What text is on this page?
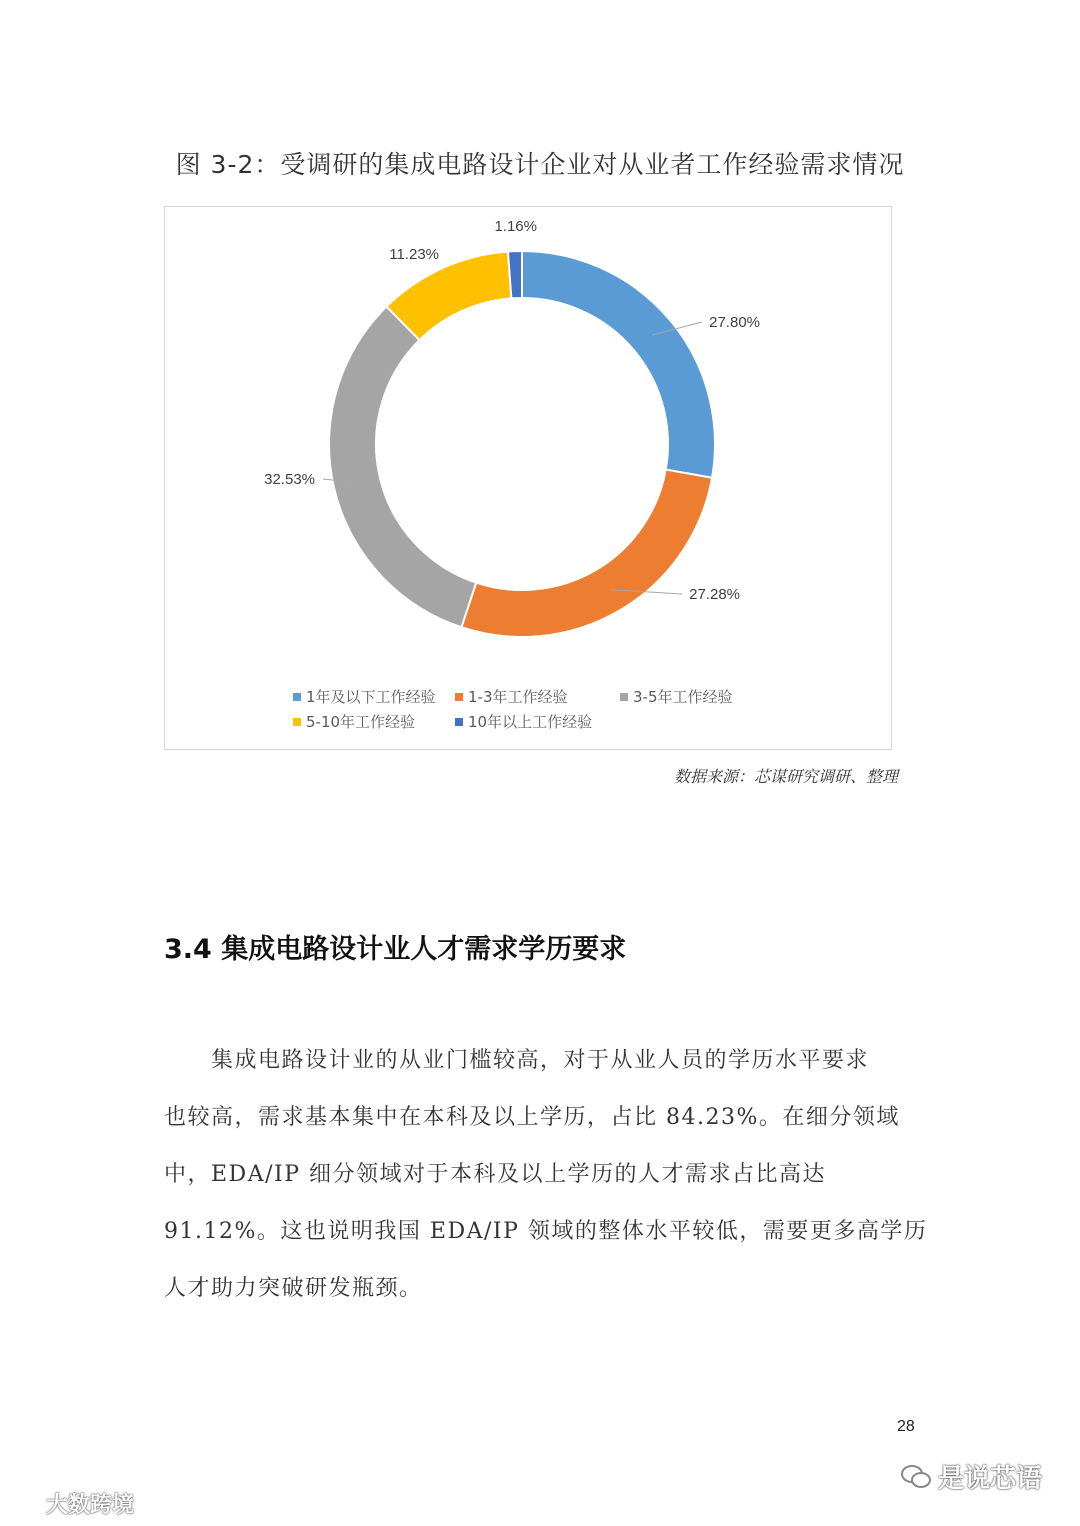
图 3-2：受调研的集成电路设计企业对从业者工作经验需求情况
27.80%
27.28%
32.53%
11.23%
1.16%
1年及以下工作经验 1-3年工作经验	3-5年工作经验
5-10年工作经验	10年以上工作经验
数据来源：芯谋研究调研、整理
3.4 集成电路设计业人才需求学历要求
　　集成电路设计业的从业门槛较高，对于从业人员的学历水平要求
也较高，需求基本集中在本科及以上学历，占比 84.23%。在细分领域
中，EDA/IP 细分领域对于本科及以上学历的人才需求占比高达
91.12%。这也说明我国 EDA/IP 领域的整体水平较低，需要更多高学历
人才助力突破研发瓶颈。
28
大数跨境
是说芯语
